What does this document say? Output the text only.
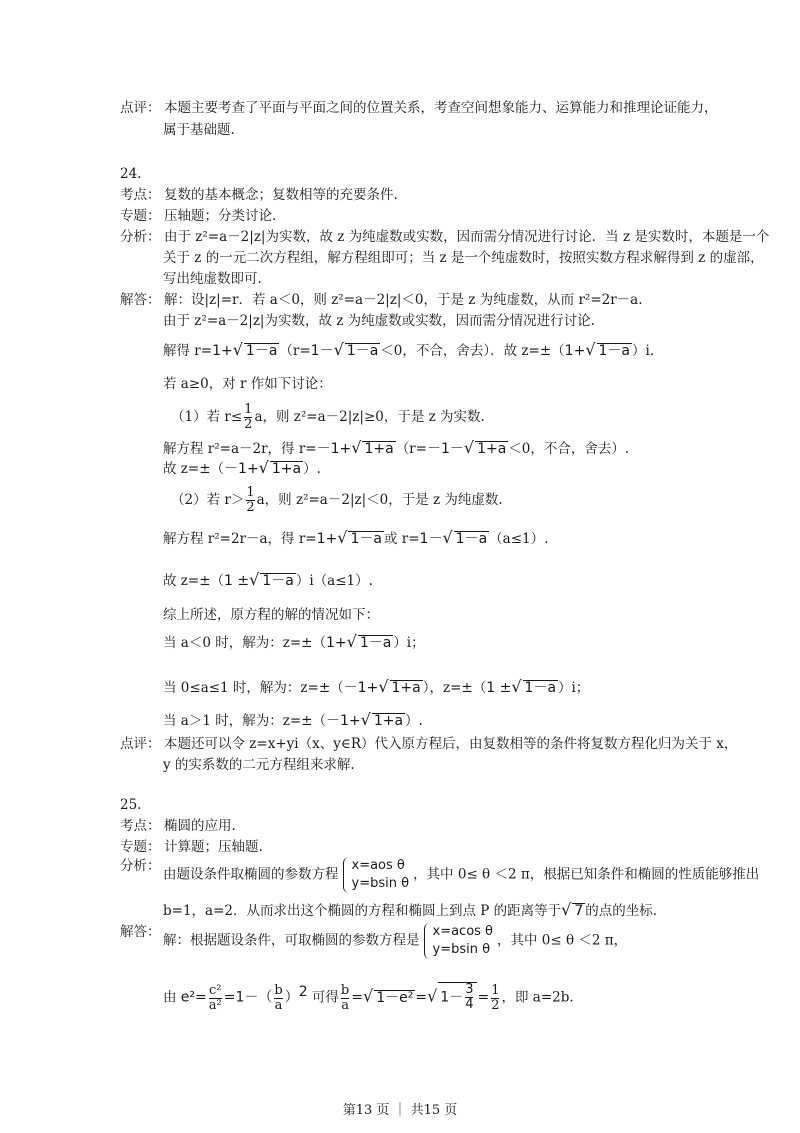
点评： 本题主要考查了平面与平面之间的位置关系，考查空间想象能力、运算能力和推理论证能力，
属于基础题.
24.
考点： 复数的基本概念；复数相等的充要条件.
专题： 压轴题；分类讨论.
分析： 由于 z²=a－2|z|为实数，故 z 为纯虚数或实数，因而需分情况进行讨论．当 z 是实数时，本题是一个
关于 z 的一元二次方程组，解方程组即可；当 z 是一个纯虚数时，按照实数方程求解得到 z 的虚部，
写出纯虚数即可.
解答： 解：设|z|=r．若 a＜0，则 z²=a－2|z|＜0，于是 z 为纯虚数，从而 r²=2r－a.
由于 z²=a－2|z|为实数，故 z 为纯虚数或实数，因而需分情况进行讨论.
解得 r=1+√ 1－a （r=1－√ 1－a ＜0，不合，舍去）．故 z=±（1+√ 1－a ）i.
若 a≥0，对 r 作如下讨论：
（1）若 $r\le \frac{1}{2}$ a，则 z²=a－2|z|≥0，于是 z 为实数.
解方程 r²=a－2r，得 r=－1+√ 1+a （r=－1－√ 1+a ＜0，不合，舍去）.
故 z=±（－1+√ 1+a ）.
（2）若 $r> \frac{1}{2}$ a，则 z²=a－2|z|＜0，于是 z 为纯虚数.
解方程 r²=2r－a，得 r=1+√ 1－a 或 r=1－√ 1－a （a≤1）.
故 z=±（1 ±√ 1－a ）i（a≤1）.
综上所述，原方程的解的情况如下：
当 a＜0 时，解为：z=±（1+√ 1－a ）i；
当 0≤a≤1 时，解为：z=±（－1+√ 1+a ），z=±（1 ±√ 1－a ）i；
当 a＞1 时，解为：z=±（－1+√ 1+a ）.
点评： 本题还可以令 z=x+yi（x、y∈R）代入原方程后，由复数相等的条件将复数方程化归为关于 x，
y 的实系数的二元方程组来求解.
25.
考点： 椭圆的应用.
专题： 计算题；压轴题.
分析：
由题设条件取椭圆的参数方程
x=aos θ
y=bsin θ
，其中 0≤ θ ＜2 π，根据已知条件和椭圆的性质能够推出
b=1，a=2．从而求出这个椭圆的方程和椭圆上到点 P 的距离等于√ 7 的点的坐标.
解答：
解：根据题设条件，可取椭圆的参数方程是
x=acos θ
y=bsin θ
，其中 0≤ θ ＜2 π，
由 $e^2= \frac{\text{c²}}{\text{a²}} =1-( \frac{b}{a} )^2$ 可得 $\frac{b}{a}$ =√ 1－e² =√ $1- \frac{3}{4} = \frac{1}{2}$ ，即 a=2b.
第13 页 ｜ 共15 页
